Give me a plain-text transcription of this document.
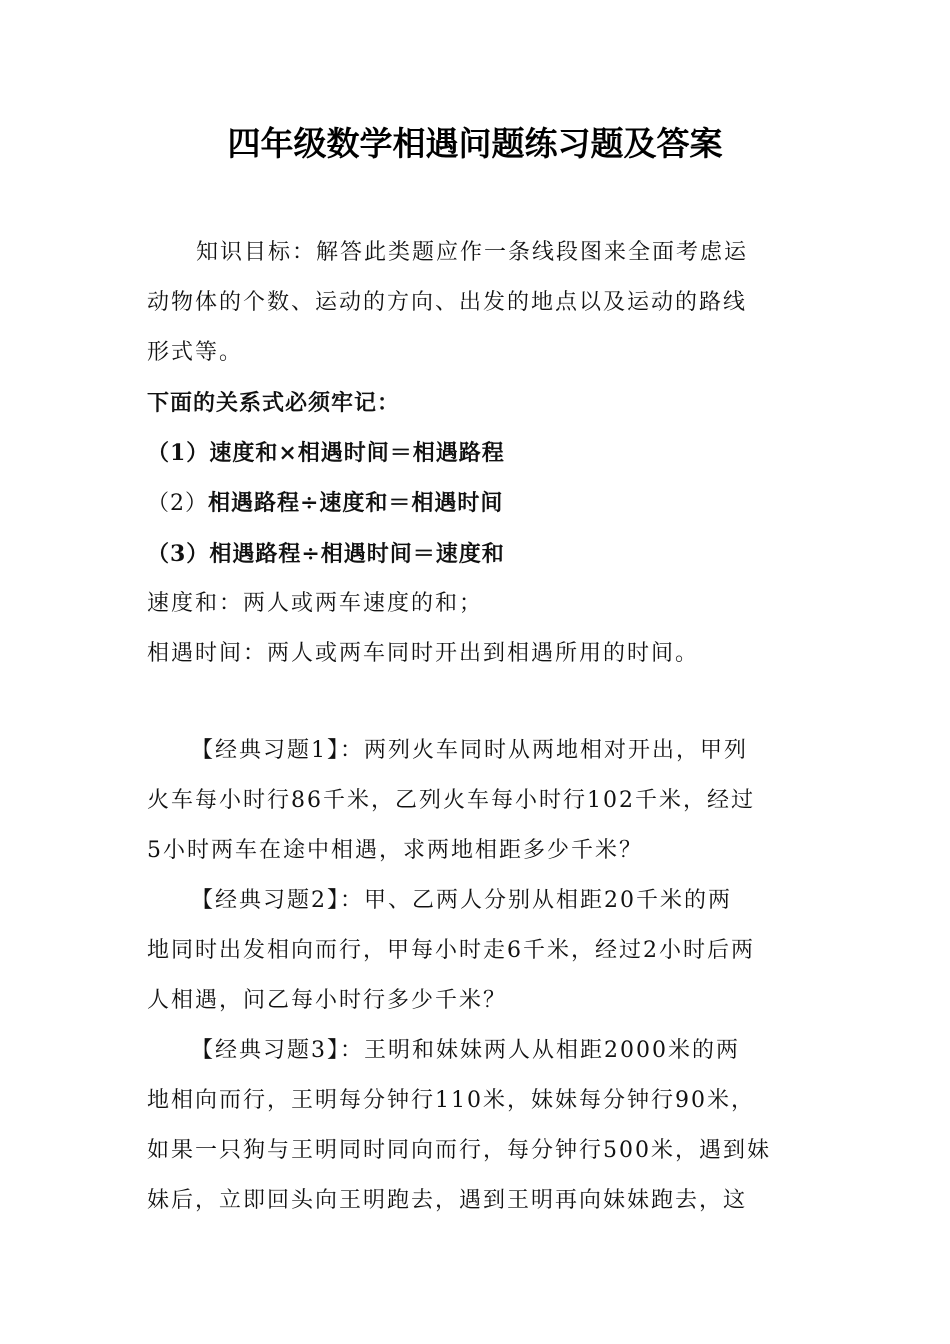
四年级数学相遇问题练习题及答案

知识目标：解答此类题应作一条线段图来全面考虑运

动物体的个数、运动的方向、出发的地点以及运动的路线

形式等。

下面的关系式必须牢记：

（1）速度和×相遇时间＝相遇路程

（2）相遇路程÷速度和＝相遇时间

（3）相遇路程÷相遇时间＝速度和

速度和：两人或两车速度的和；

相遇时间：两人或两车同时开出到相遇所用的时间。

【经典习题1】：两列火车同时从两地相对开出，甲列

火车每小时行86千米，乙列火车每小时行102千米，经过

5小时两车在途中相遇，求两地相距多少千米？

【经典习题2】：甲、乙两人分别从相距20千米的两

地同时出发相向而行，甲每小时走6千米，经过2小时后两

人相遇，问乙每小时行多少千米？

【经典习题3】：王明和妹妹两人从相距2000米的两

地相向而行，王明每分钟行110米，妹妹每分钟行90米，

如果一只狗与王明同时同向而行，每分钟行500米，遇到妹

妹后，立即回头向王明跑去，遇到王明再向妹妹跑去，这
